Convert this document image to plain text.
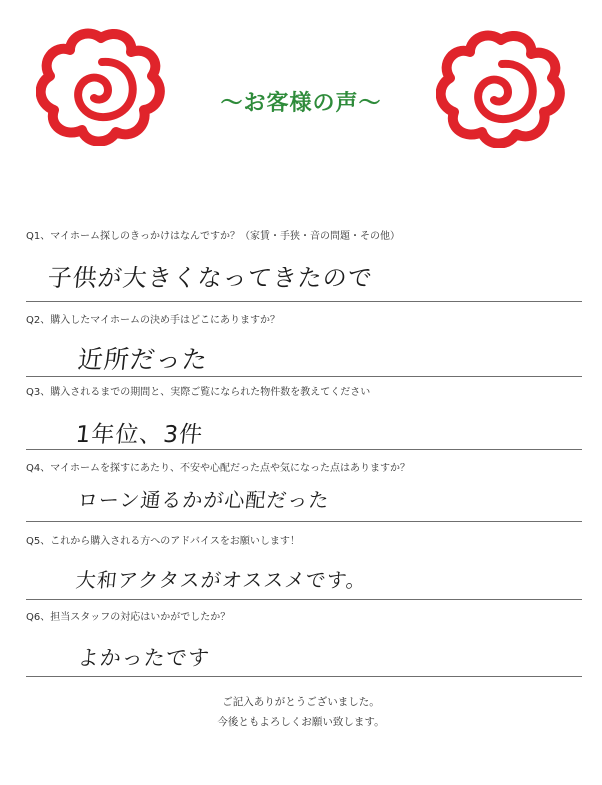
～お客様の声～
Q1、マイホーム探しのきっかけはなんですか？（家賃・手狭・音の問題・その他）
子供が大きくなってきたので
Q2、購入したマイホームの決め手はどこにありますか？
近所だった
Q3、購入されるまでの期間と、実際ご覧になられた物件数を教えてください
1年位、3件
Q4、マイホームを探すにあたり、不安や心配だった点や気になった点はありますか？
ローン通るかが心配だった
Q5、これから購入される方へのアドバイスをお願いします！
大和アクタスがオススメです。
Q6、担当スタッフの対応はいかがでしたか？
よかったです
ご記入ありがとうございました。
今後ともよろしくお願い致します。
